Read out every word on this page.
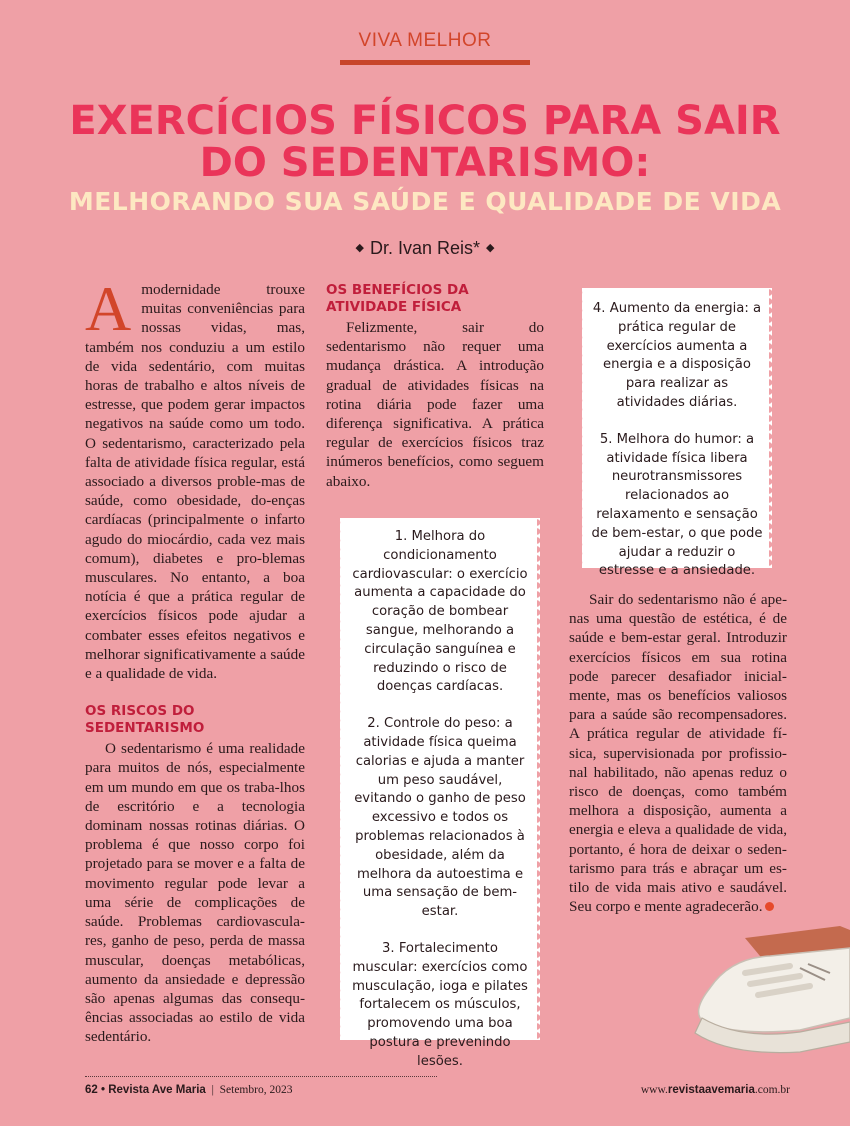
VIVA MELHOR
EXERCÍCIOS FÍSICOS PARA SAIR DO SEDENTARISMO:
MELHORANDO SUA SAÚDE E QUALIDADE DE VIDA
◆ Dr. Ivan Reis* ◆

Amodernidade trouxe muitas conveniências para nossas vidas, mas, também nos conduziu a um estilo de vida sedentário, com muitas horas de trabalho e altos níveis de estresse, que podem gerar impactos negativos na saúde como um todo. O sedentarismo, caracterizado pela falta de atividade física regular, está associado a diversos proble-mas de saúde, como obesidade, do-enças cardíacas (principalmente o infarto agudo do miocárdio, cada vez mais comum), diabetes e pro-blemas musculares. No entanto, a boa notícia é que a prática regular de exercícios físicos pode ajudar a combater esses efeitos negativos e melhorar significativamente a saúde e a qualidade de vida.

OS RISCOS DO SEDENTARISMO

O sedentarismo é uma realidade para muitos de nós, especialmente em um mundo em que os traba-lhos de escritório e a tecnologia dominam nossas rotinas diárias. O problema é que nosso corpo foi projetado para se mover e a falta de movimento regular pode levar a uma série de complicações de saúde. Problemas cardiovascula-res, ganho de peso, perda de massa muscular, doenças metabólicas, aumento da ansiedade e depressão são apenas algumas das consequ-ências associadas ao estilo de vida sedentário.

OS BENEFÍCIOS DA ATIVIDADE FÍSICA

Felizmente, sair do sedentarismo não requer uma mudança drástica. A introdução gradual de atividades físicas na rotina diária pode fazer uma diferença significativa. A prática regular de exercícios físicos traz inúmeros benefícios, como seguem abaixo.

1. Melhora do condicionamento cardiovascular: o exercício aumenta a capacidade do coração de bombear sangue, melhorando a circulação sanguínea e reduzindo o risco de doenças cardíacas.
2. Controle do peso: a atividade física queima calorias e ajuda a manter um peso saudável, evitando o ganho de peso excessivo e todos os problemas relacionados à obesidade, além da melhora da autoestima e uma sensação de bem-estar.
3. Fortalecimento muscular: exercícios como musculação, ioga e pilates fortalecem os músculos, promovendo uma boa postura e prevenindo lesões.
4. Aumento da energia: a prática regular de exercícios aumenta a energia e a disposição para realizar as atividades diárias.
5. Melhora do humor: a atividade física libera neurotransmissores relacionados ao relaxamento e sensação de bem-estar, o que pode ajudar a reduzir o estresse e a ansiedade.

Sair do sedentarismo não é ape-nas uma questão de estética, é de saúde e bem-estar geral. Introduzir exercícios físicos em sua rotina pode parecer desafiador inicial-mente, mas os benefícios valiosos para a saúde são recompensadores. A prática regular de atividade fí-sica, supervisionada por profissio-nal habilitado, não apenas reduz o risco de doenças, como também melhora a disposição, aumenta a energia e eleva a qualidade de vida, portanto, é hora de deixar o seden-tarismo para trás e abraçar um es-tilo de vida mais ativo e saudável. Seu corpo e mente agradecerão.

62 • Revista Ave Maria  |  Setembro, 2023	www.revistaavemaria.com.br
